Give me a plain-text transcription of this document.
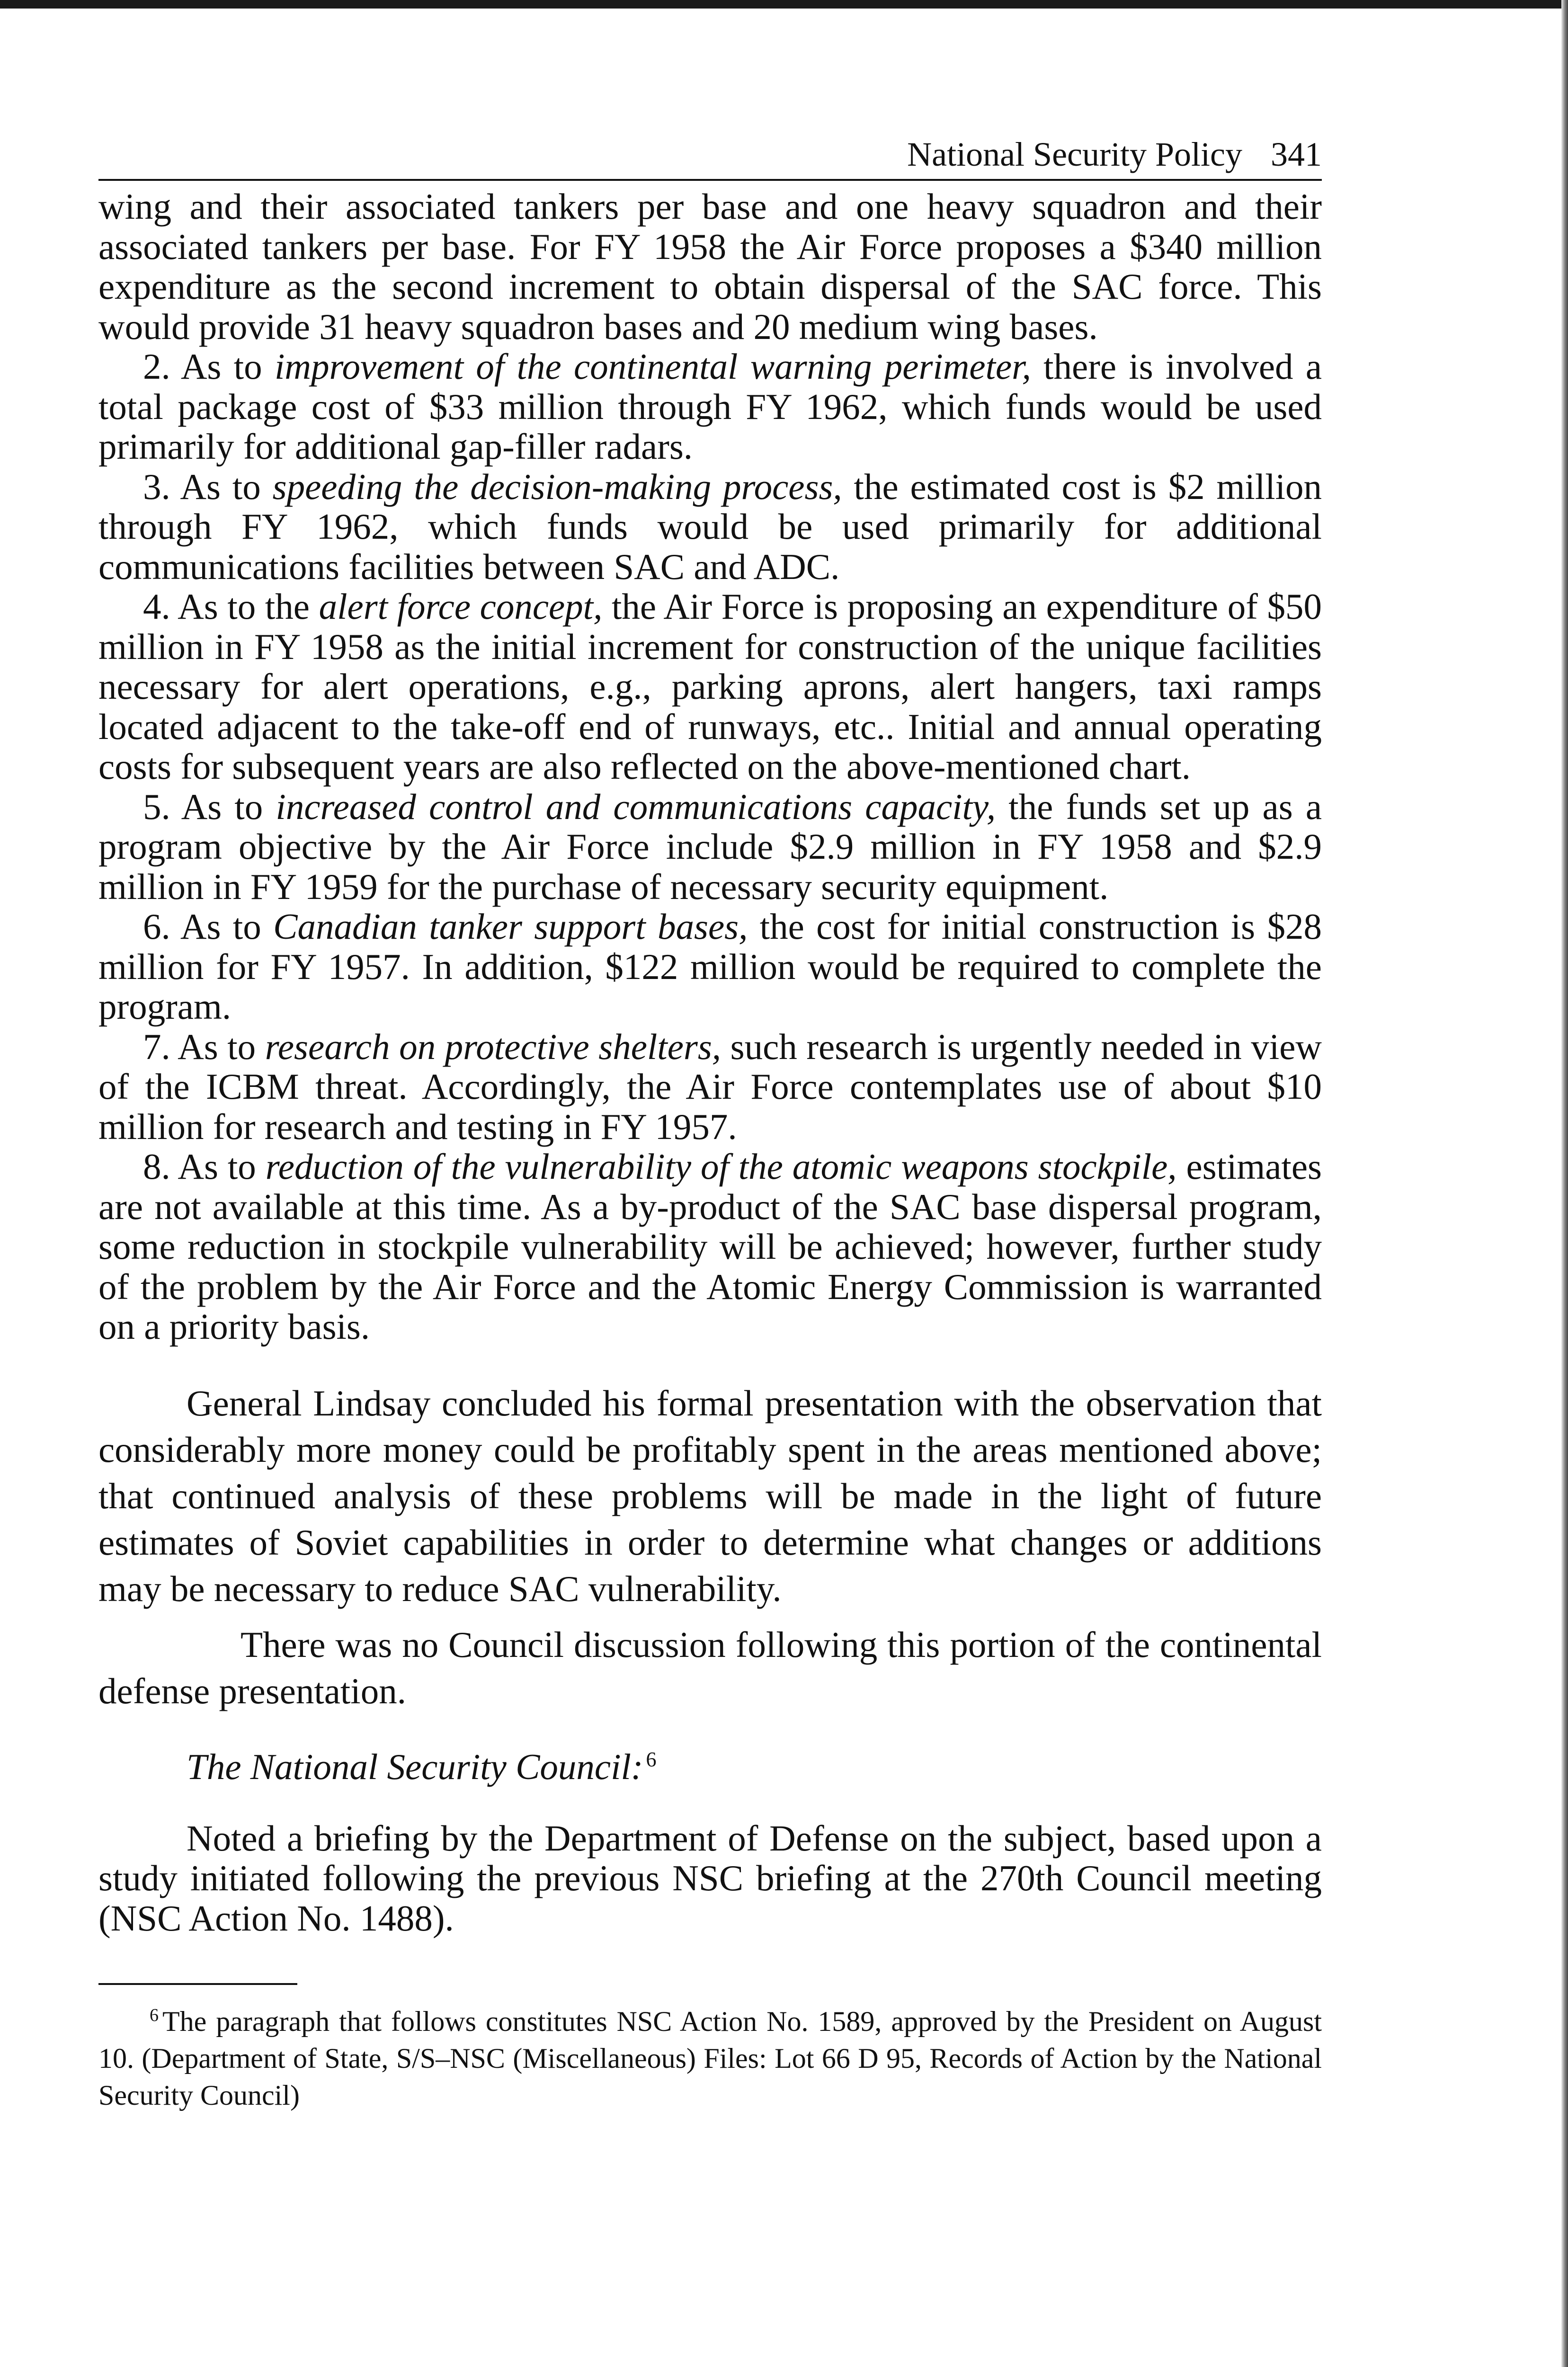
National Security Policy 341

wing and their associated tankers per base and one heavy squadron and their associated tankers per base. For FY 1958 the Air Force proposes a $340 million expenditure as the second increment to obtain dispersal of the SAC force. This would provide 31 heavy squadron bases and 20 medium wing bases.

2. As to improvement of the continental warning perimeter, there is involved a total package cost of $33 million through FY 1962, which funds would be used primarily for additional gap-filler radars.

3. As to speeding the decision-making process, the estimated cost is $2 million through FY 1962, which funds would be used primarily for additional communications facilities between SAC and ADC.

4. As to the alert force concept, the Air Force is proposing an expenditure of $50 million in FY 1958 as the initial increment for construction of the unique facilities necessary for alert operations, e.g., parking aprons, alert hangers, taxi ramps located adjacent to the take-off end of runways, etc.. Initial and annual operating costs for subsequent years are also reflected on the above-mentioned chart.

5. As to increased control and communications capacity, the funds set up as a program objective by the Air Force include $2.9 million in FY 1958 and $2.9 million in FY 1959 for the purchase of necessary security equipment.

6. As to Canadian tanker support bases, the cost for initial construction is $28 million for FY 1957. In addition, $122 million would be required to complete the program.

7. As to research on protective shelters, such research is urgently needed in view of the ICBM threat. Accordingly, the Air Force contemplates use of about $10 million for research and testing in FY 1957.

8. As to reduction of the vulnerability of the atomic weapons stockpile, estimates are not available at this time. As a by-product of the SAC base dispersal program, some reduction in stockpile vulnerability will be achieved; however, further study of the problem by the Air Force and the Atomic Energy Commission is warranted on a priority basis.

General Lindsay concluded his formal presentation with the observation that considerably more money could be profitably spent in the areas mentioned above; that continued analysis of these problems will be made in the light of future estimates of Soviet capabilities in order to determine what changes or additions may be necessary to reduce SAC vulnerability.

There was no Council discussion following this portion of the continental defense presentation.

The National Security Council: $^6$

Noted a briefing by the Department of Defense on the subject, based upon a study initiated following the previous NSC briefing at the 270th Council meeting (NSC Action No. 1488).

$^6$ The paragraph that follows constitutes NSC Action No. 1589, approved by the President on August 10. (Department of State, S/S–NSC (Miscellaneous) Files: Lot 66 D 95, Records of Action by the National Security Council)
